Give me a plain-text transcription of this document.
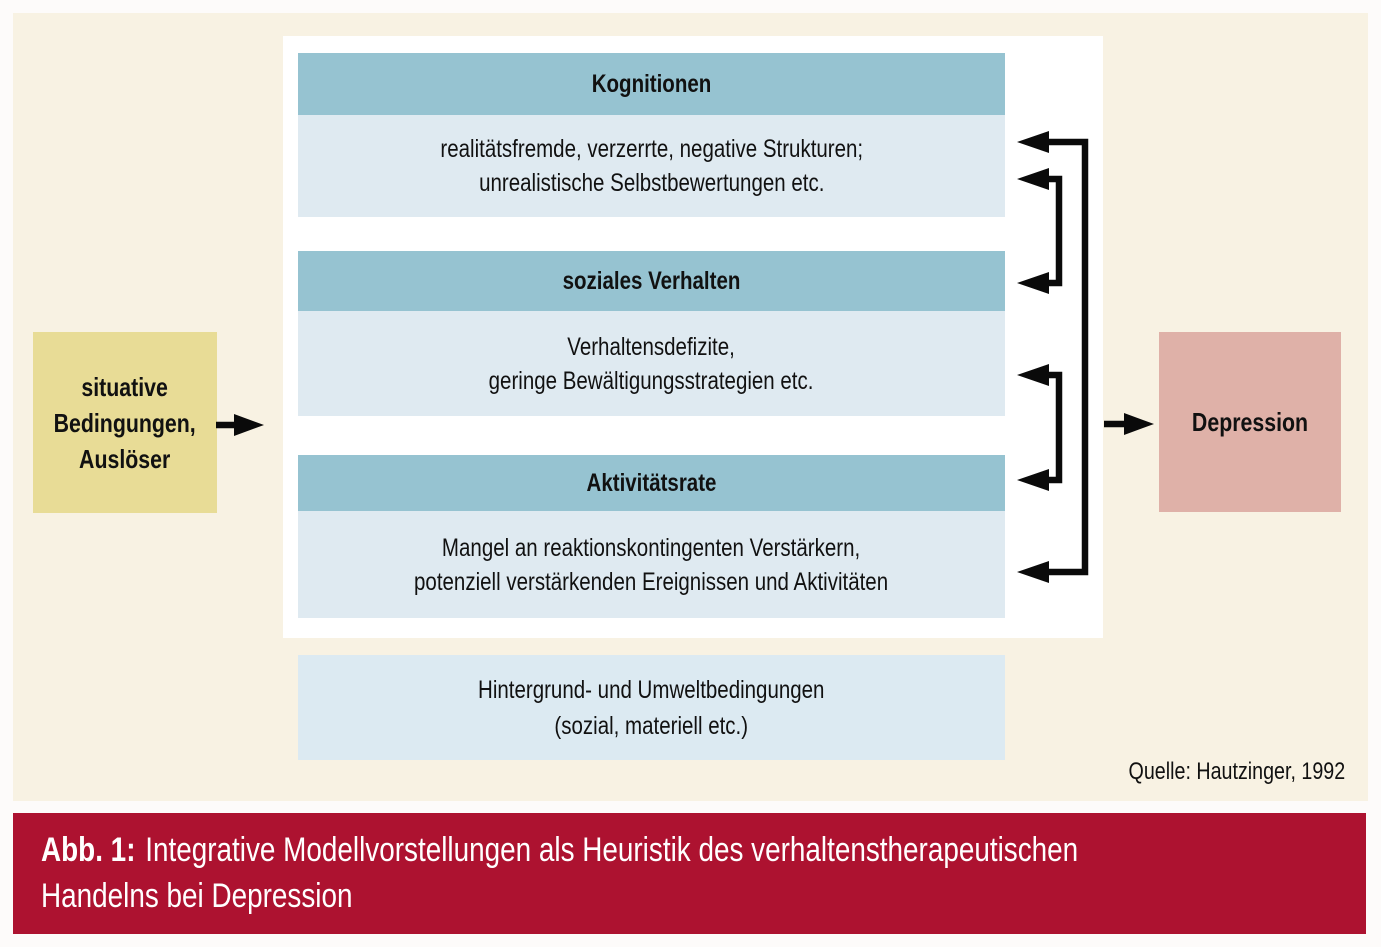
Kognitionen
realitätsfremde, verzerrte, negative Strukturen;
unrealistische Selbstbewertungen etc.
soziales Verhalten
Verhaltensdefizite,
geringe Bewältigungsstrategien etc.
Aktivitätsrate
Mangel an reaktionskontingenten Verstärkern,
potenziell verstärkenden Ereignissen und Aktivitäten
Hintergrund- und Umweltbedingungen
(sozial, materiell etc.)
situative
Bedingungen,
Auslöser
Depression
Quelle: Hautzinger, 1992
Abb. 1: Integrative Modellvorstellungen als Heuristik des verhaltenstherapeutischen
Handelns bei Depression
